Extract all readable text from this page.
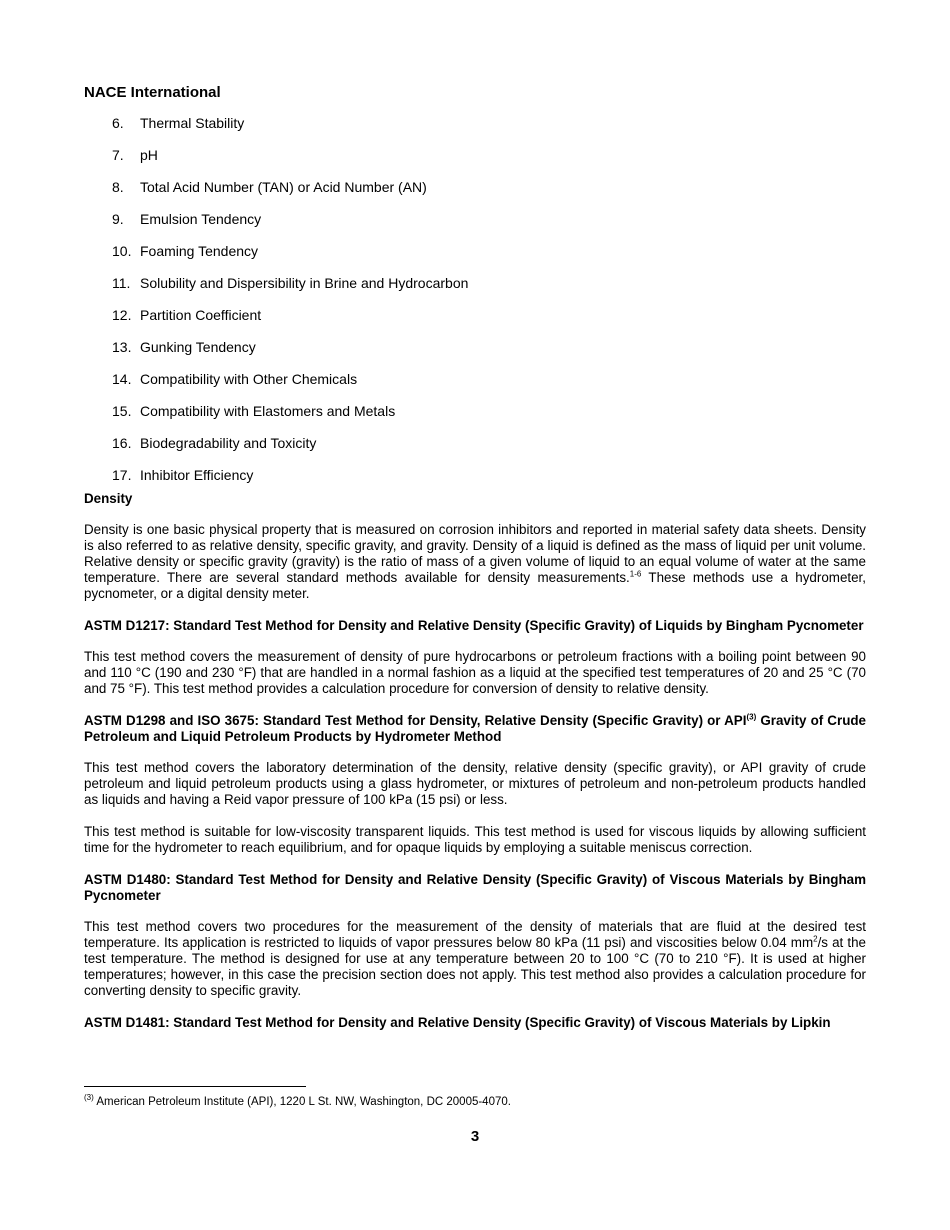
NACE International
6.	Thermal Stability
7.	pH
8.	Total Acid Number (TAN) or Acid Number (AN)
9.	Emulsion Tendency
10. Foaming Tendency
11. Solubility and Dispersibility in Brine and Hydrocarbon
12. Partition Coefficient
13. Gunking Tendency
14. Compatibility with Other Chemicals
15. Compatibility with Elastomers and Metals
16. Biodegradability and Toxicity
17. Inhibitor Efficiency
Density

Density is one basic physical property that is measured on corrosion inhibitors and reported in material safety data sheets. Density is also referred to as relative density, specific gravity, and gravity. Density of a liquid is defined as the mass of liquid per unit volume. Relative density or specific gravity (gravity) is the ratio of mass of a given volume of liquid to an equal volume of water at the same temperature. There are several standard methods available for density measurements.$^{1-6}$ These methods use a hydrometer, pycnometer, or a digital density meter.

ASTM D1217: Standard Test Method for Density and Relative Density (Specific Gravity) of Liquids by Bingham Pycnometer

This test method covers the measurement of density of pure hydrocarbons or petroleum fractions with a boiling point between 90 and 110 °C (190 and 230 °F) that are handled in a normal fashion as a liquid at the specified test temperatures of 20 and 25 °C (70 and 75 °F). This test method provides a calculation procedure for conversion of density to relative density.

ASTM D1298 and ISO 3675: Standard Test Method for Density, Relative Density (Specific Gravity) or API$^{(3)}$ Gravity of Crude Petroleum and Liquid Petroleum Products by Hydrometer Method

This test method covers the laboratory determination of the density, relative density (specific gravity), or API gravity of crude petroleum and liquid petroleum products using a glass hydrometer, or mixtures of petroleum and non-petroleum products handled as liquids and having a Reid vapor pressure of 100 kPa (15 psi) or less.

This test method is suitable for low-viscosity transparent liquids. This test method is used for viscous liquids by allowing sufficient time for the hydrometer to reach equilibrium, and for opaque liquids by employing a suitable meniscus correction.

ASTM D1480: Standard Test Method for Density and Relative Density (Specific Gravity) of Viscous Materials by Bingham Pycnometer

This test method covers two procedures for the measurement of the density of materials that are fluid at the desired test temperature. Its application is restricted to liquids of vapor pressures below 80 kPa (11 psi) and viscosities below 0.04 $mm^2/s$ at the test temperature. The method is designed for use at any temperature between 20 to 100 °C (70 to 210 °F). It is used at higher temperatures; however, in this case the precision section does not apply. This test method also provides a calculation procedure for converting density to specific gravity.

ASTM D1481: Standard Test Method for Density and Relative Density (Specific Gravity) of Viscous Materials by Lipkin
$^{(3)}$ American Petroleum Institute (API), 1220 L St. NW, Washington, DC 20005-4070.
3
